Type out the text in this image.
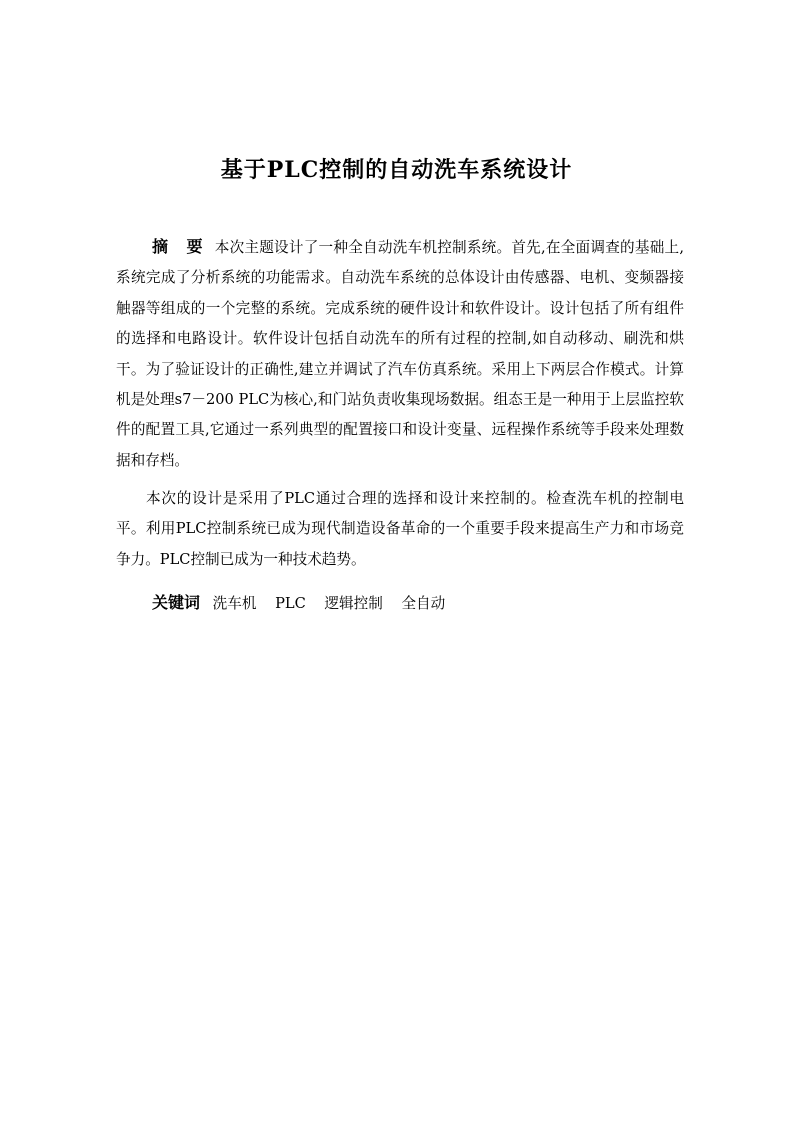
基于PLC控制的自动洗车系统设计

摘 要 本次主题设计了一种全自动洗车机控制系统。首先,在全面调查的基础上,系统完成了分析系统的功能需求。自动洗车系统的总体设计由传感器、电机、变频器接触器等组成的一个完整的系统。完成系统的硬件设计和软件设计。设计包括了所有组件的选择和电路设计。软件设计包括自动洗车的所有过程的控制,如自动移动、刷洗和烘干。为了验证设计的正确性,建立并调试了汽车仿真系统。采用上下两层合作模式。计算机是处理s7－200 PLC为核心,和门站负责收集现场数据。组态王是一种用于上层监控软件的配置工具,它通过一系列典型的配置接口和设计变量、远程操作系统等手段来处理数据和存档。

本次的设计是采用了PLC通过合理的选择和设计来控制的。检查洗车机的控制电平。利用PLC控制系统已成为现代制造设备革命的一个重要手段来提高生产力和市场竞争力。PLC控制已成为一种技术趋势。

关键词 洗车机 PLC 逻辑控制 全自动
